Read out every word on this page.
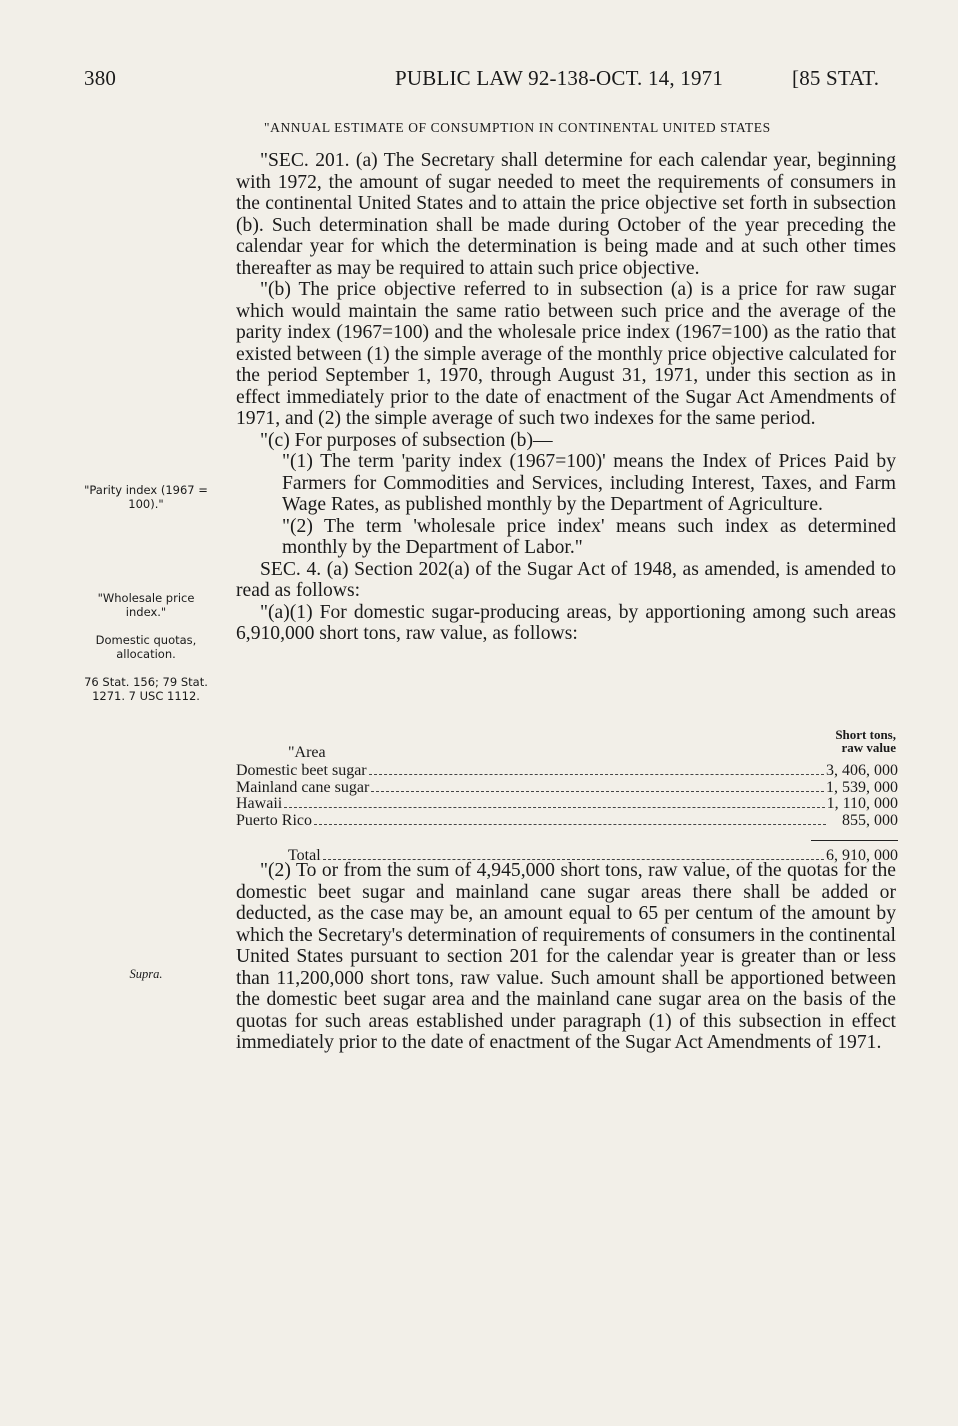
380	PUBLIC LAW 92-138-OCT. 14, 1971	[85 STAT.
"ANNUAL ESTIMATE OF CONSUMPTION IN CONTINENTAL UNITED STATES

"SEC. 201. (a) The Secretary shall determine for each calendar year, beginning with 1972, the amount of sugar needed to meet the requirements of consumers in the continental United States and to attain the price objective set forth in subsection (b). Such determination shall be made during October of the year preceding the calendar year for which the determination is being made and at such other times thereafter as may be required to attain such price objective.

"(b) The price objective referred to in subsection (a) is a price for raw sugar which would maintain the same ratio between such price and the average of the parity index (1967=100) and the wholesale price index (1967=100) as the ratio that existed between (1) the simple average of the monthly price objective calculated for the period September 1, 1970, through August 31, 1971, under this section as in effect immediately prior to the date of enactment of the Sugar Act Amendments of 1971, and (2) the simple average of such two indexes for the same period.

"(c) For purposes of subsection (b)—

"(1) The term 'parity index (1967=100)' means the Index of Prices Paid by Farmers for Commodities and Services, including Interest, Taxes, and Farm Wage Rates, as published monthly by the Department of Agriculture.

"(2) The term 'wholesale price index' means such index as determined monthly by the Department of Labor."

SEC. 4. (a) Section 202(a) of the Sugar Act of 1948, as amended, is amended to read as follows:

"(a)(1) For domestic sugar-producing areas, by apportioning among such areas 6,910,000 short tons, raw value, as follows:

"Area
Short tons,
raw value
Domestic beet sugar	3, 406, 000
Mainland cane sugar	1, 539, 000
Hawaii	1, 110, 000
Puerto Rico	855, 000
Total	6, 910, 000

"(2) To or from the sum of 4,945,000 short tons, raw value, of the quotas for the domestic beet sugar and mainland cane sugar areas there shall be added or deducted, as the case may be, an amount equal to 65 per centum of the amount by which the Secretary's determination of requirements of consumers in the continental United States pursuant to section 201 for the calendar year is greater than or less than 11,200,000 short tons, raw value. Such amount shall be apportioned between the domestic beet sugar area and the mainland cane sugar area on the basis of the quotas for such areas established under paragraph (1) of this subsection in effect immediately prior to the date of enactment of the Sugar Act Amendments of 1971.

"Parity index (1967 = 100)."
"Wholesale price index."
Domestic quotas, allocation.
76 Stat. 156; 79 Stat. 1271. 7 USC 1112.
Supra.
